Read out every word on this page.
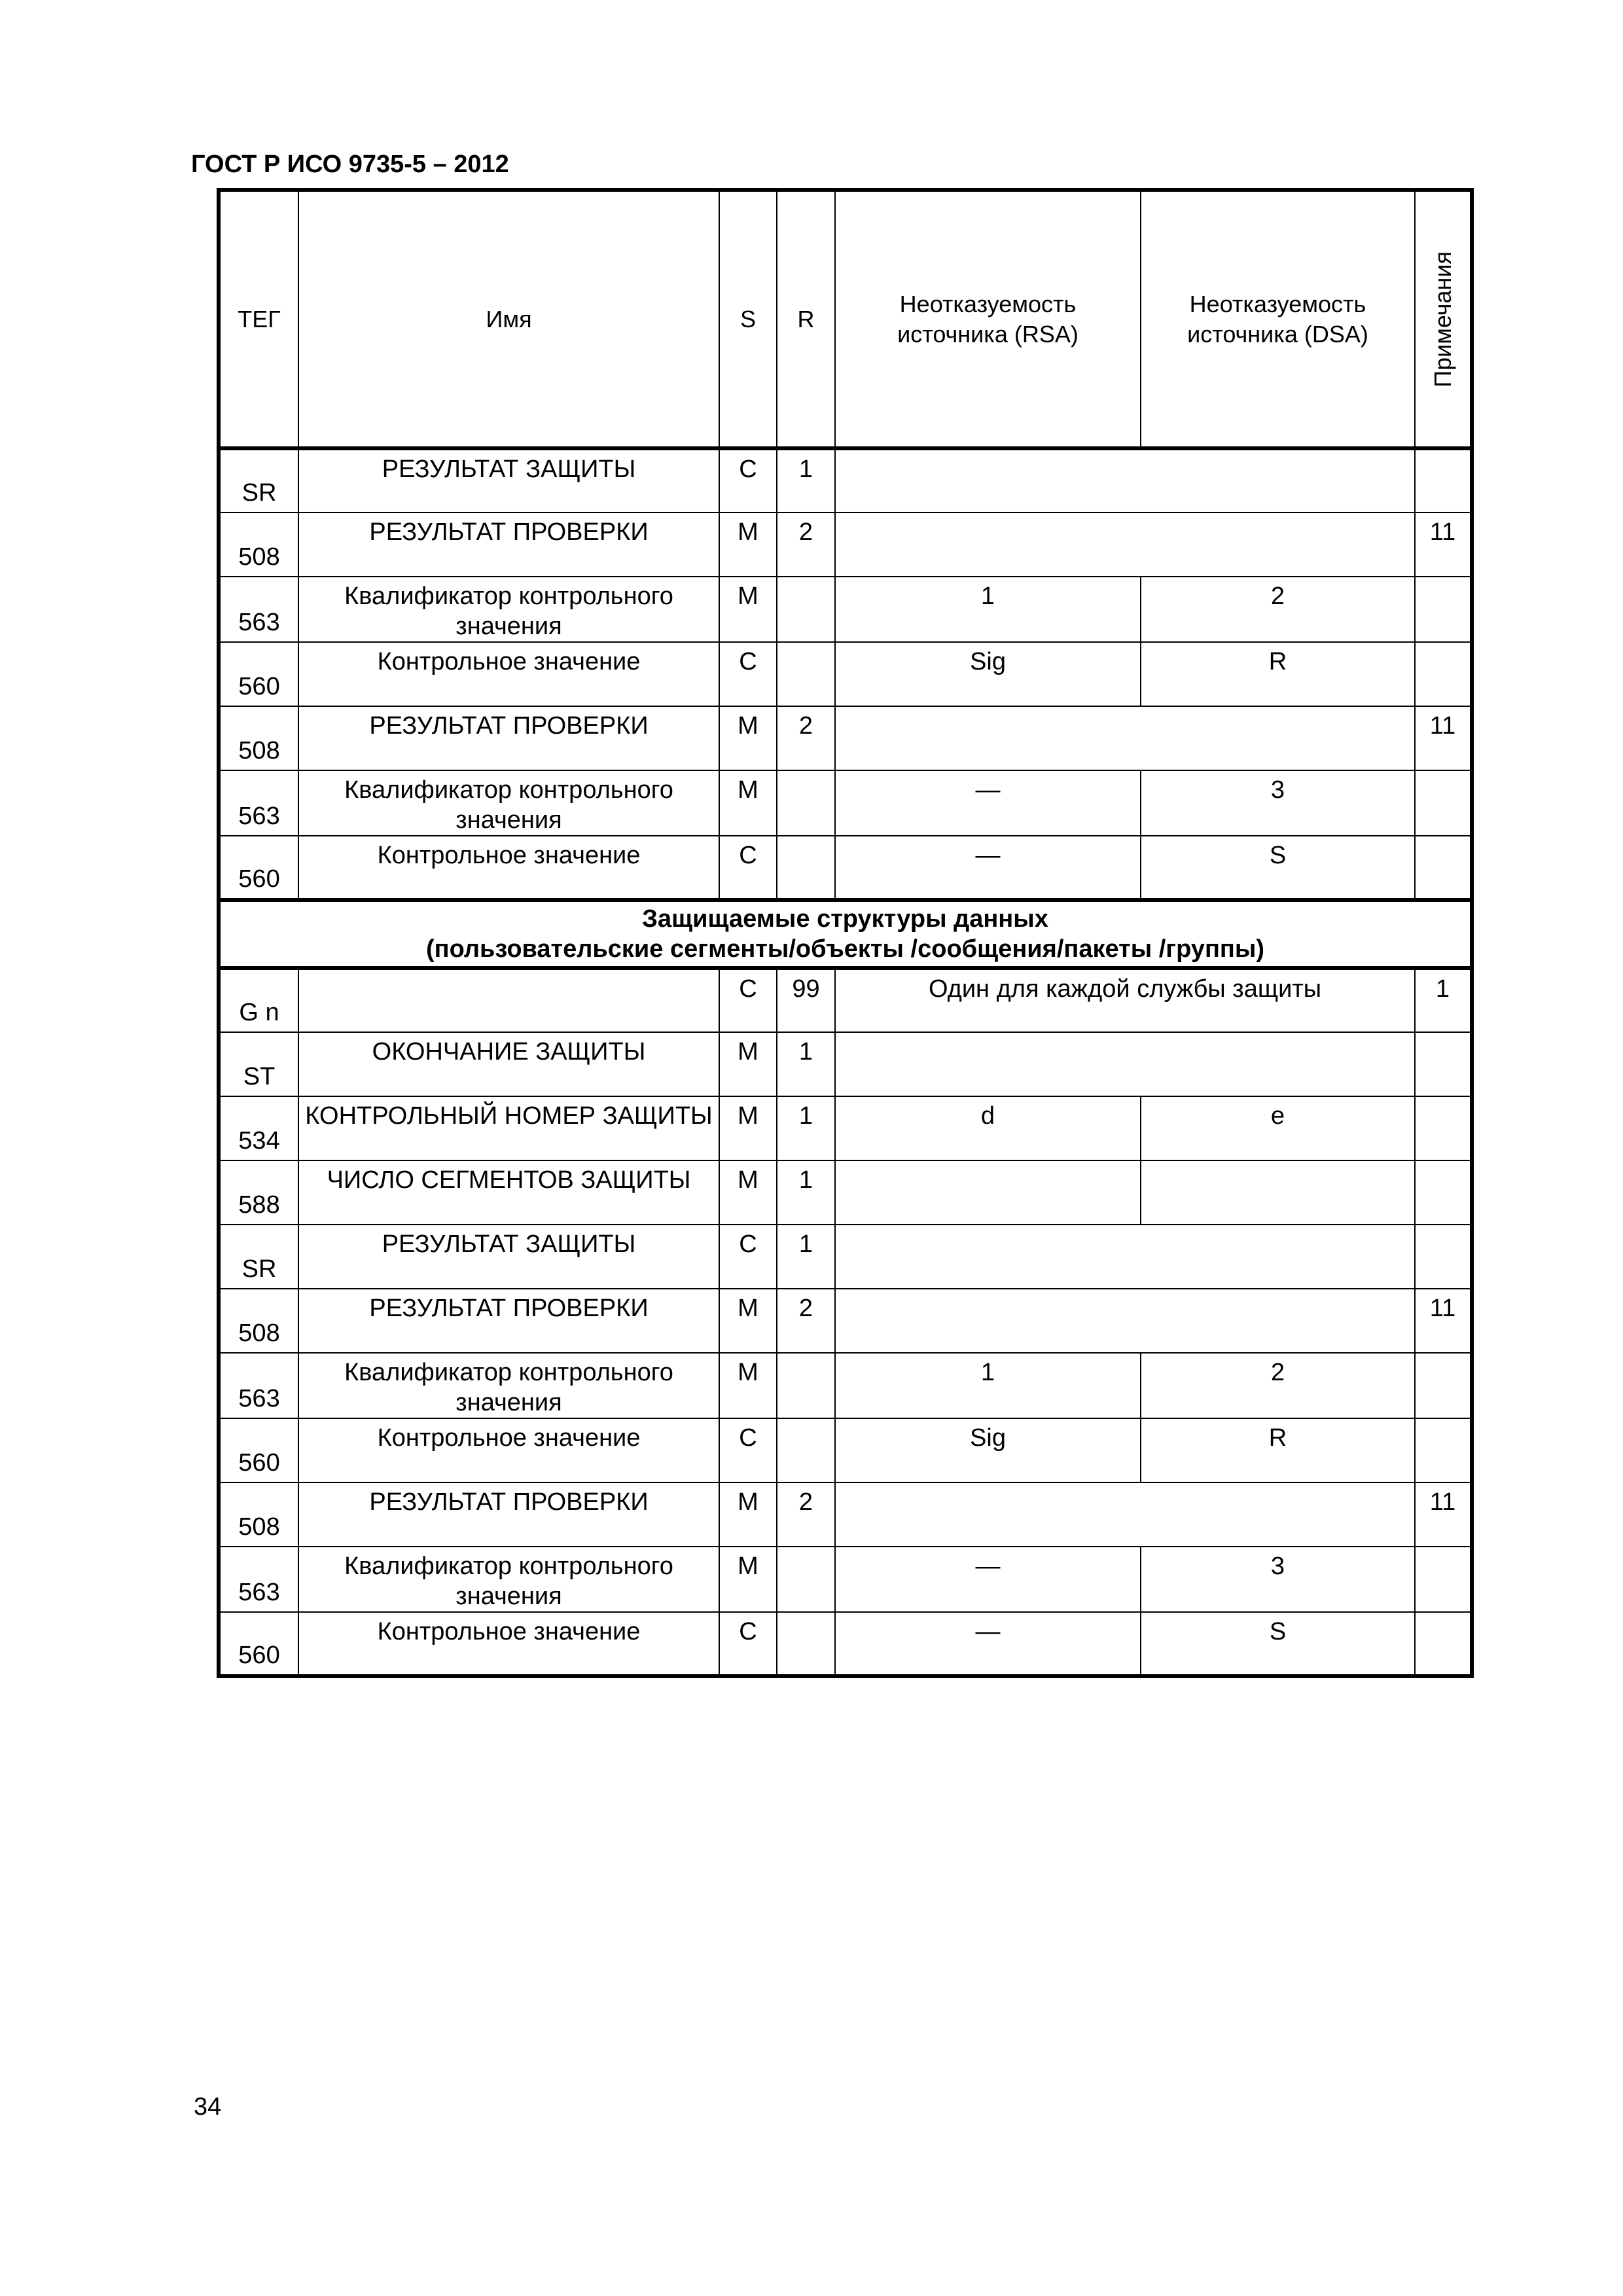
ГОСТ Р ИСО 9735-5 – 2012
ТЕГ	Имя	S	R	Неотказуемость источника (RSA)	Неотказуемость источника (DSA)	Примечания

SR	РЕЗУЛЬТАТ ЗАЩИТЫ	C	1			
508	РЕЗУЛЬТАТ ПРОВЕРКИ	M	2			11
563	Квалификатор контрольного значения	M		1	2	
560	Контрольное значение	C		Sig	R	
508	РЕЗУЛЬТАТ ПРОВЕРКИ	M	2			11
563	Квалификатор контрольного значения	M		—	3	
560	Контрольное значение	C		—	S	

Защищаемые структуры данных
(пользовательские сегменты/объекты /сообщения/пакеты /группы)						

G n		C	99	Один для каждой службы защиты		1
ST	ОКОНЧАНИЕ ЗАЩИТЫ	M	1			
534	КОНТРОЛЬНЫЙ НОМЕР ЗАЩИТЫ	M	1	d	e	
588	ЧИСЛО СЕГМЕНТОВ ЗАЩИТЫ	M	1			
SR	РЕЗУЛЬТАТ ЗАЩИТЫ	C	1			
508	РЕЗУЛЬТАТ ПРОВЕРКИ	M	2			11
563	Квалификатор контрольного значения	M		1	2	
560	Контрольное значение	C		Sig	R	
508	РЕЗУЛЬТАТ ПРОВЕРКИ	M	2			11
563	Квалификатор контрольного значения	M		—	3	
560	Контрольное значение	C		—	S	
34
